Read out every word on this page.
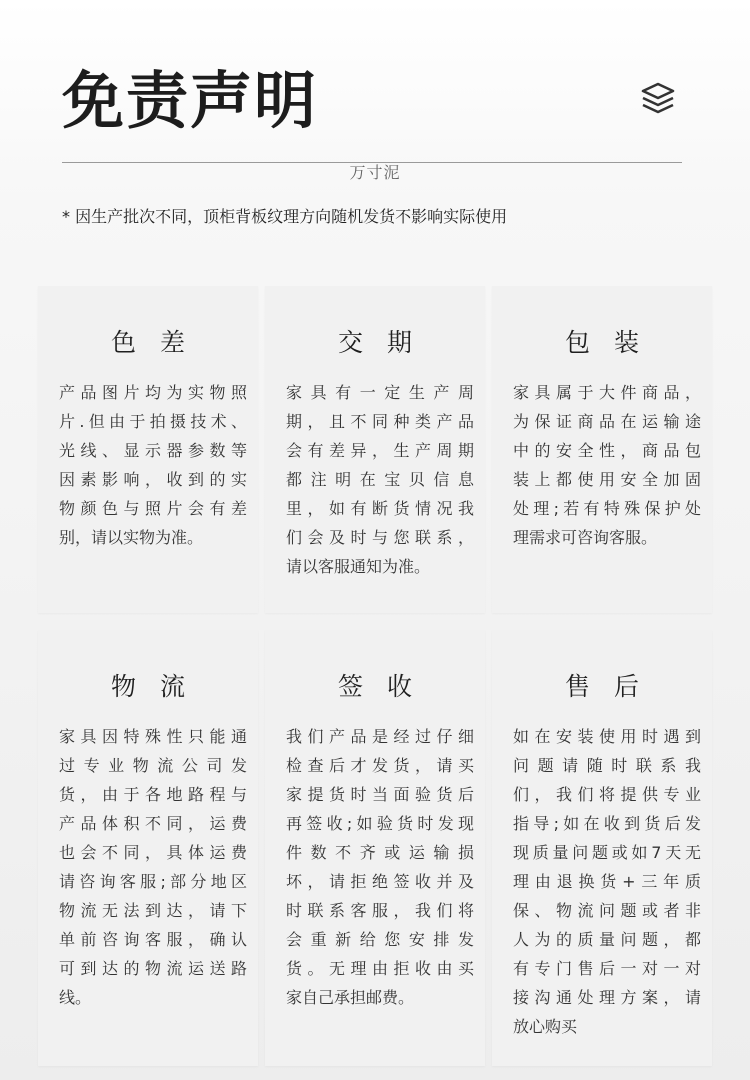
免责声明
万寸泥
* 因生产批次不同，顶柜背板纹理方向随机发货不影响实际使用
色 差
产品图片均为实物照
片.但由于拍摄技术、
光线、显示器参数等
因素影响，收到的实
物颜色与照片会有差
别，请以实物为准。
交 期
家具有一定生产周
期，且不同种类产品
会有差异，生产周期
都注明在宝贝信息
里，如有断货情况我
们会及时与您联系，
请以客服通知为准。
包 装
家具属于大件商品，
为保证商品在运输途
中的安全性，商品包
装上都使用安全加固
处理;若有特殊保护处
理需求可咨询客服。
物 流
家具因特殊性只能通
过专业物流公司发
货，由于各地路程与
产品体积不同，运费
也会不同，具体运费
请咨询客服;部分地区
物流无法到达，请下
单前咨询客服，确认
可到达的物流运送路
线。
签 收
我们产品是经过仔细
检查后才发货，请买
家提货时当面验货后
再签收;如验货时发现
件数不齐或运输损
坏，请拒绝签收并及
时联系客服，我们将
会重新给您安排发
货。无理由拒收由买
家自己承担邮费。
售 后
如在安装使用时遇到
问题请随时联系我
们，我们将提供专业
指导;如在收到货后发
现质量问题或如7天无
理由退换货+三年质
保、物流问题或者非
人为的质量问题，都
有专门售后一对一对
接沟通处理方案，请
放心购买
